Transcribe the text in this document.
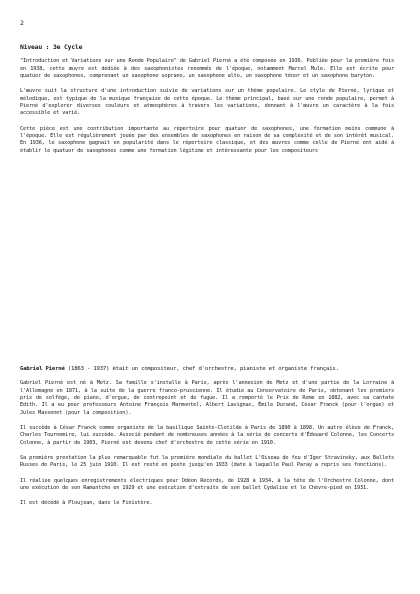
2
Niveau : 3e Cycle

"Introduction et Variations sur une Ronde Populaire" de Gabriel Pierné a été composée en 1936. Publiée pour la première fois en 1938, cette œuvre est dédiée à des saxophonistes renommés de l'époque, notamment Marcel Mule. Elle est écrite pour quatuor de saxophones, comprenant un saxophone soprano, un saxophone alto, un saxophone ténor et un saxophone baryton.

L'œuvre suit la structure d'une introduction suivie de variations sur un thème populaire. Le style de Pierné, lyrique et mélodique, est typique de la musique française de cette époque. Le thème principal, basé sur une ronde populaire, permet à Pierné d'explorer diverses couleurs et atmosphères à travers les variations, donnant à l'œuvre un caractère à la fois accessible et varié.

Cette pièce est une contribution importante au répertoire pour quatuor de saxophones, une formation moins commune à l'époque. Elle est régulièrement jouée par des ensembles de saxophones en raison de sa complexité et de son intérêt musical. En 1936, le saxophone gagnait en popularité dans le répertoire classique, et des œuvres comme celle de Pierné ont aidé à établir le quatuor de saxophones comme une formation légitime et intéressante pour les compositeurs

Gabriel Pierné (1863 - 1937) était un compositeur, chef d'orchestre, pianiste et organiste français.

Gabriel Pierné est né à Metz. Sa famille s'installe à Paris, après l'annexion de Metz et d'une partie de la Lorraine à l'Allemagne en 1871, à la suite de la guerre franco-prussienne. Il étudie au Conservatoire de Paris, obtenant les premiers prix de solfège, de piano, d'orgue, de contrepoint et de fugue. Il a remporté le Prix de Rome en 1882, avec sa cantate Edith. Il a eu pour professeurs Antoine François Marmontel, Albert Lavignac, Émile Durand, César Franck (pour l'orgue) et Jules Massenet (pour la composition).

Il succède à César Franck comme organiste de la basilique Sainte-Clotilde à Paris de 1890 à 1898. Un autre élève de Franck, Charles Tournemire, lui succède. Associé pendant de nombreuses années à la série de concerts d'Édouard Colonne, les Concerts Colonne, à partir de 1903, Pierné est devenu chef d'orchestre de cette série en 1910.

Sa première prestation la plus remarquable fut la première mondiale du ballet L'Oiseau de feu d'Igor Stravinsky, aux Ballets Russes de Paris, le 25 juin 1910. Il est resté en poste jusqu'en 1933 (date à laquelle Paul Paray a repris ses fonctions).

Il réalise quelques enregistrements électriques pour Odéon Records, de 1928 à 1934, à la tête de l'Orchestre Colonne, dont une exécution de son Ramuntcho en 1929 et une exécution d'extraits de son ballet Cydalise et le Chèvre-pied en 1931.

Il est décédé à Ploujean, dans le Finistère.
